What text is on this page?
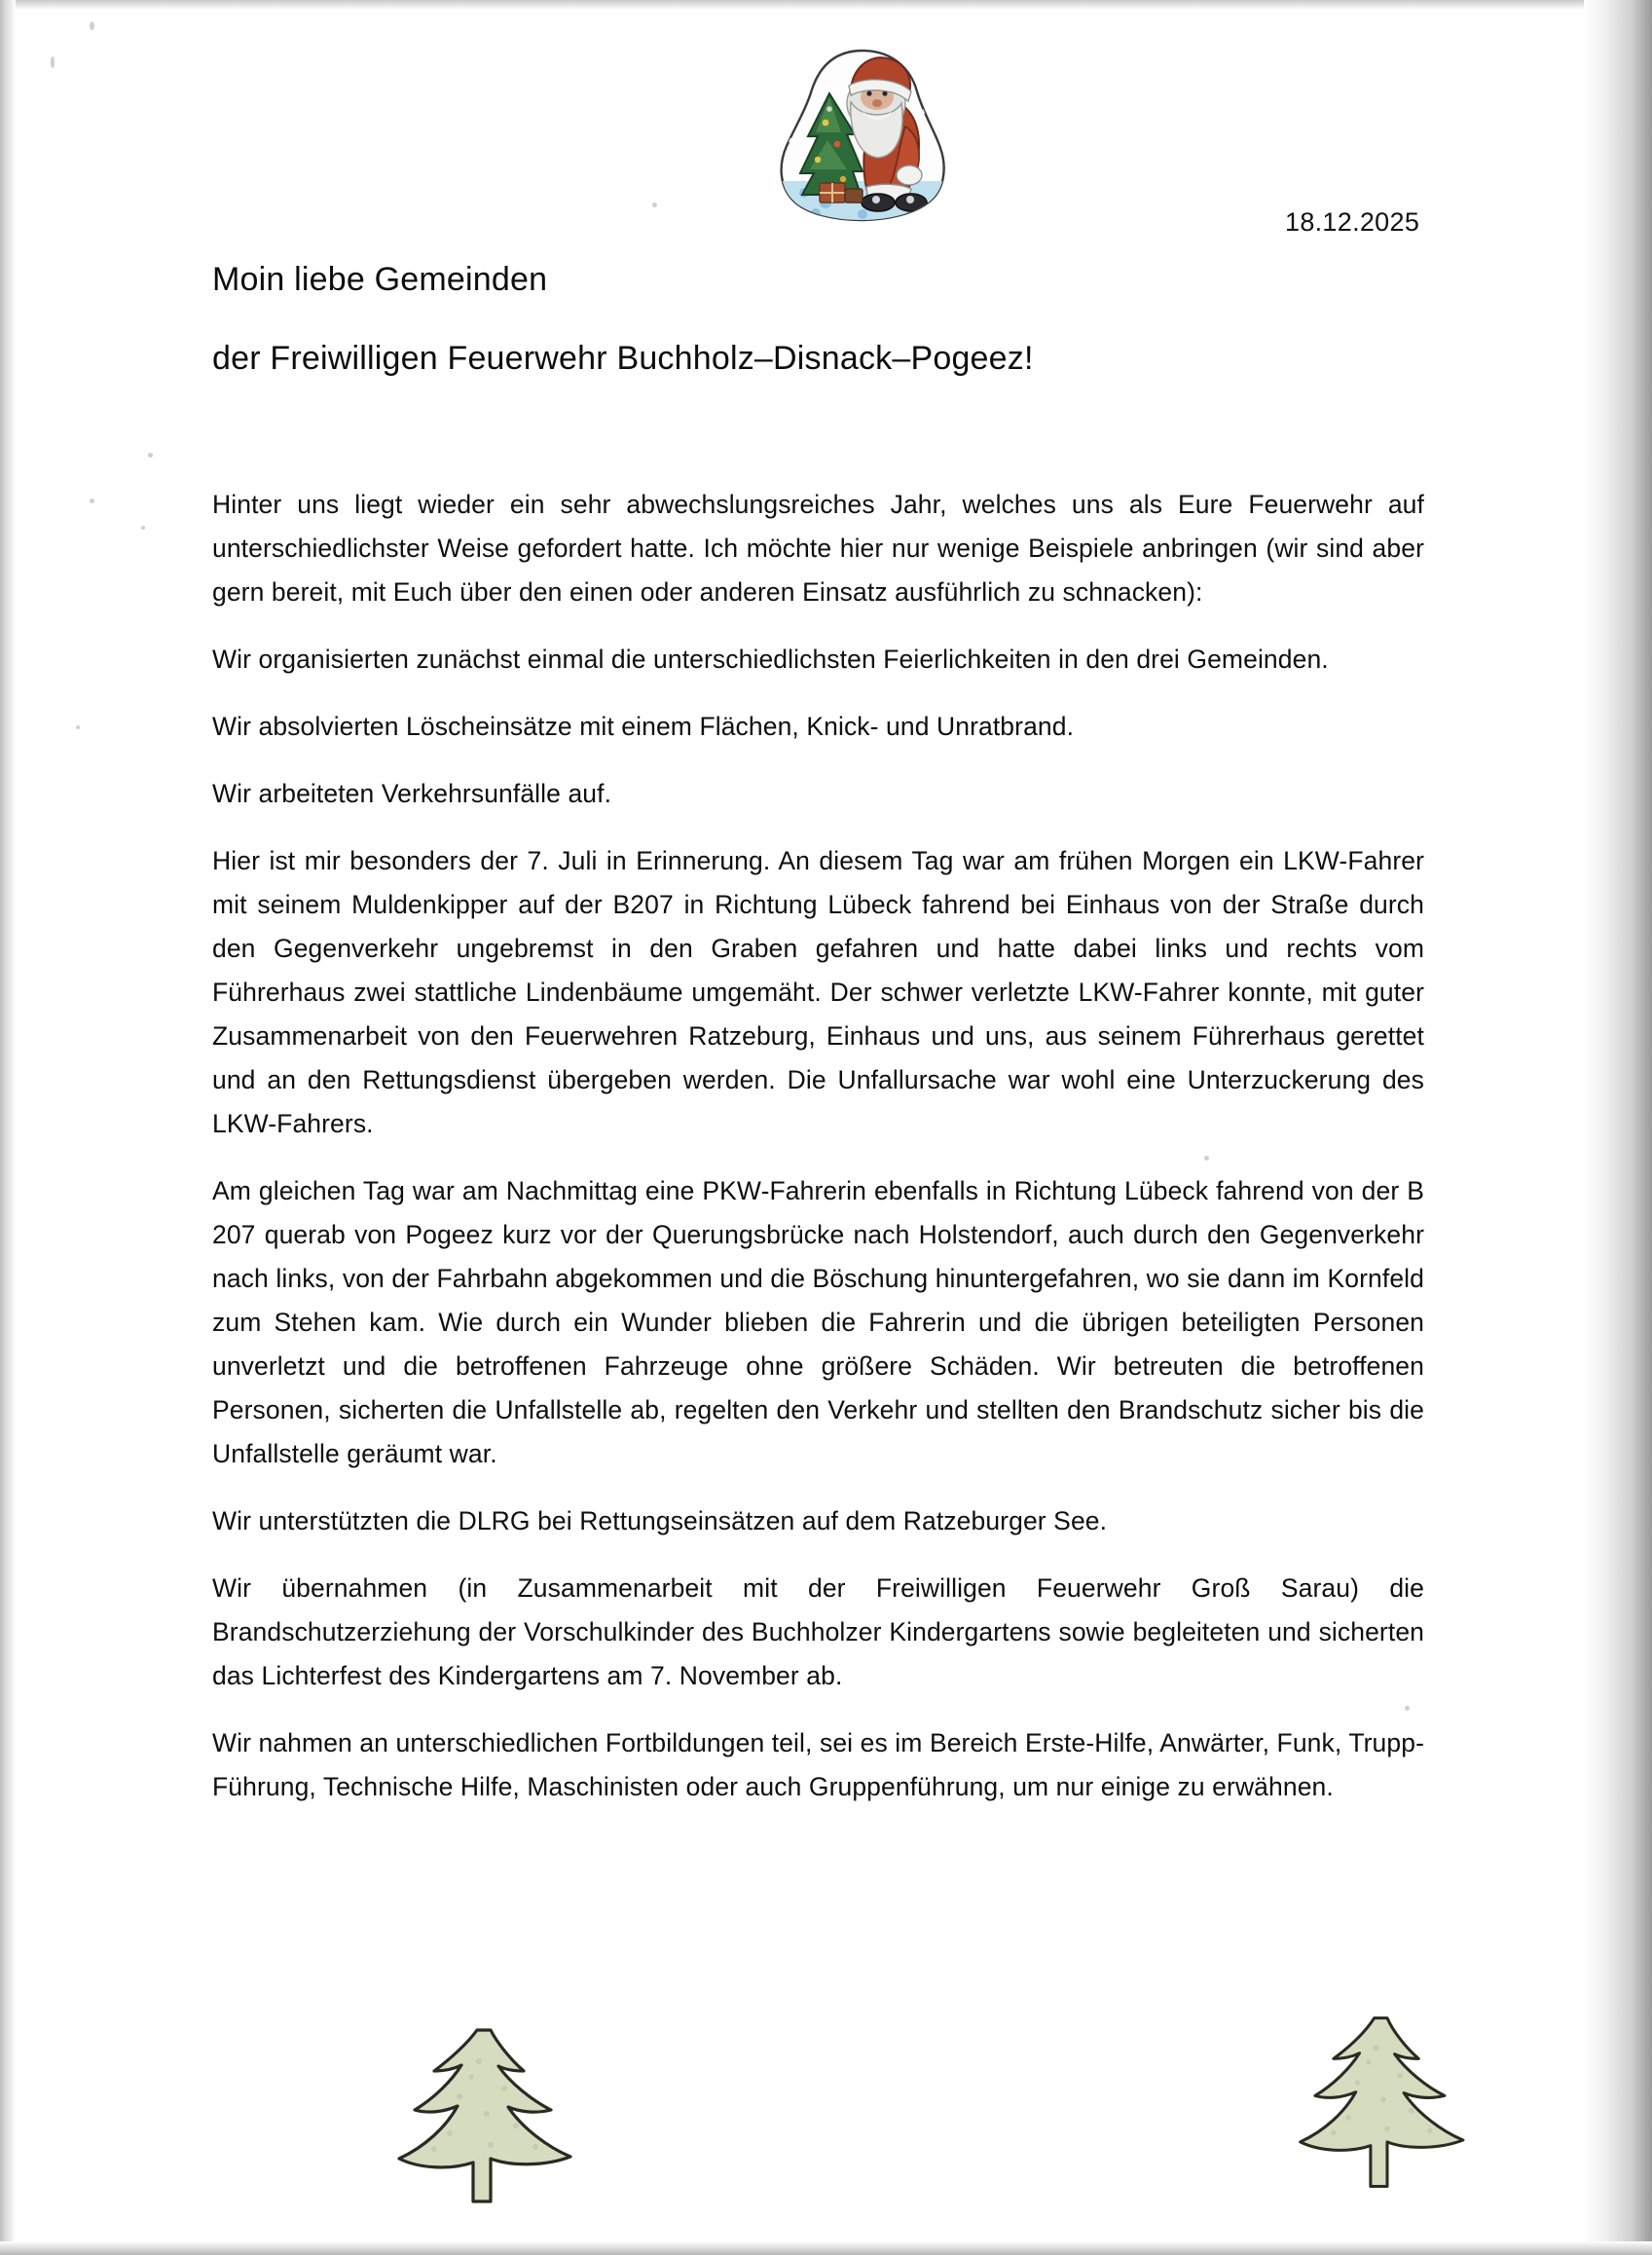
18.12.2025
Moin liebe Gemeinden
der Freiwilligen Feuerwehr Buchholz–Disnack–Pogeez!

Hinter uns liegt wieder ein sehr abwechslungsreiches Jahr, welches uns als Eure Feuerwehr auf unterschiedlichster Weise gefordert hatte. Ich möchte hier nur wenige Beispiele anbringen (wir sind aber gern bereit, mit Euch über den einen oder anderen Einsatz ausführlich zu schnacken):

Wir organisierten zunächst einmal die unterschiedlichsten Feierlichkeiten in den drei Gemeinden.

Wir absolvierten Löscheinsätze mit einem Flächen, Knick- und Unratbrand.

Wir arbeiteten Verkehrsunfälle auf.

Hier ist mir besonders der 7. Juli in Erinnerung. An diesem Tag war am frühen Morgen ein LKW-Fahrer mit seinem Muldenkipper auf der B207 in Richtung Lübeck fahrend bei Einhaus von der Straße durch den Gegenverkehr ungebremst in den Graben gefahren und hatte dabei links und rechts vom Führerhaus zwei stattliche Lindenbäume umgemäht. Der schwer verletzte LKW-Fahrer konnte, mit guter Zusammenarbeit von den Feuerwehren Ratzeburg, Einhaus und uns, aus seinem Führerhaus gerettet und an den Rettungsdienst übergeben werden. Die Unfallursache war wohl eine Unterzuckerung des LKW-Fahrers.

Am gleichen Tag war am Nachmittag eine PKW-Fahrerin ebenfalls in Richtung Lübeck fahrend von der B 207 querab von Pogeez kurz vor der Querungsbrücke nach Holstendorf, auch durch den Gegenverkehr nach links, von der Fahrbahn abgekommen und die Böschung hinuntergefahren, wo sie dann im Kornfeld zum Stehen kam. Wie durch ein Wunder blieben die Fahrerin und die übrigen beteiligten Personen unverletzt und die betroffenen Fahrzeuge ohne größere Schäden. Wir betreuten die betroffenen Personen, sicherten die Unfallstelle ab, regelten den Verkehr und stellten den Brandschutz sicher bis die Unfallstelle geräumt war.

Wir unterstützten die DLRG bei Rettungseinsätzen auf dem Ratzeburger See.

Wir übernahmen (in Zusammenarbeit mit der Freiwilligen Feuerwehr Groß Sarau) die Brandschutzerziehung der Vorschulkinder des Buchholzer Kindergartens sowie begleiteten und sicherten das Lichterfest des Kindergartens am 7. November ab.

Wir nahmen an unterschiedlichen Fortbildungen teil, sei es im Bereich Erste-Hilfe, Anwärter, Funk, Trupp-Führung, Technische Hilfe, Maschinisten oder auch Gruppenführung, um nur einige zu erwähnen.
